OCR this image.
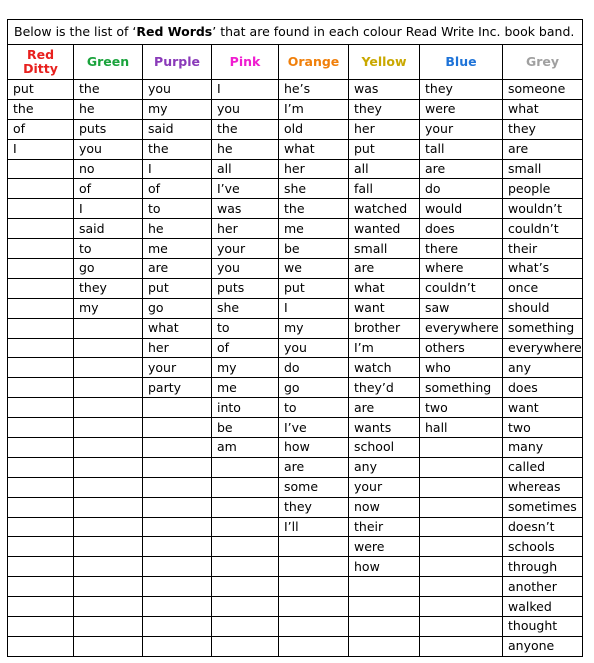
Below is the list of ‘Red Words’ that are found in each colour Read Write Inc. book band.							
Red Ditty	Green	Purple	Pink	Orange	Yellow	Blue	Grey
put	the	you	I	he’s	was	they	someone
the	he	my	you	I’m	they	were	what
of	puts	said	the	old	her	your	they
I	you	the	he	what	put	tall	are
	no	I	all	her	all	are	small
	of	of	I’ve	she	fall	do	people
	I	to	was	the	watched	would	wouldn’t
	said	he	her	me	wanted	does	couldn’t
	to	me	your	be	small	there	their
	go	are	you	we	are	where	what’s
	they	put	puts	put	what	couldn’t	once
	my	go	she	I	want	saw	should
		what	to	my	brother	everywhere	something
		her	of	you	I’m	others	everywhere
		your	my	do	watch	who	any
		party	me	go	they’d	something	does
			into	to	are	two	want
			be	I’ve	wants	hall	two
			am	how	school		many
				are	any		called
				some	your		whereas
				they	now		sometimes
				I’ll	their		doesn’t
					were		schools
					how		through
							another
							walked
							thought
							anyone
